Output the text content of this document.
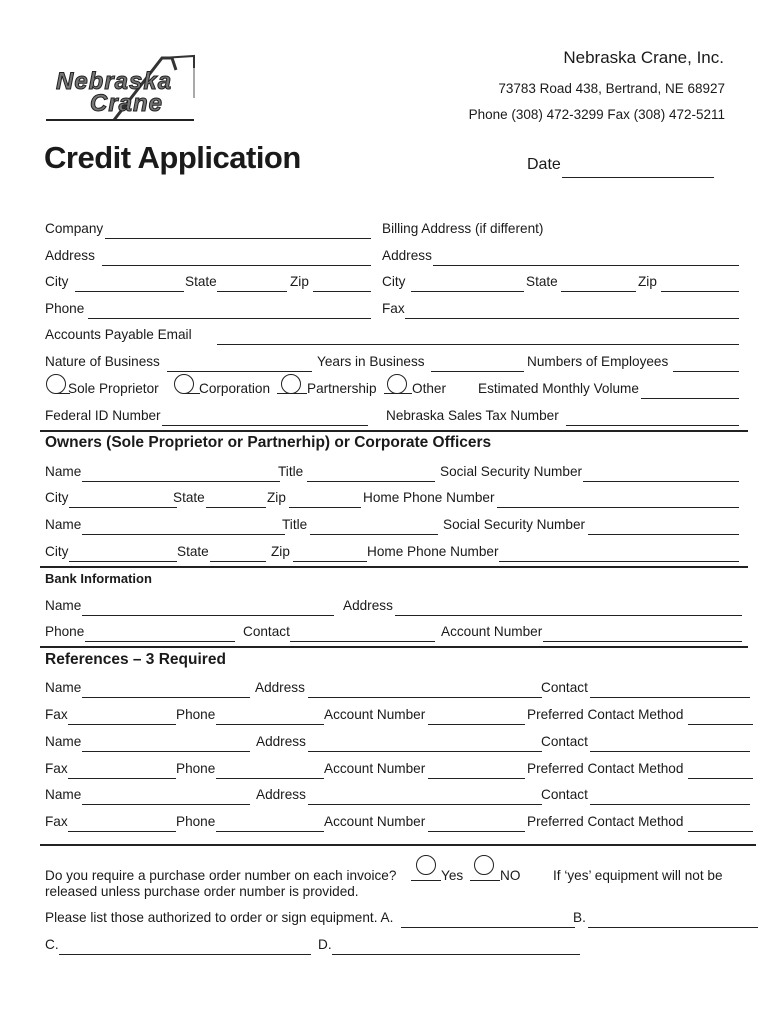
Nebraska
Crane
Nebraska Crane, Inc.
73783 Road 438, Bertrand, NE 68927
Phone (308) 472-3299 Fax (308) 472-5211
Credit Application	Date
Company	Billing Address (if different)
Address	Address
City	State	Zip	City	State	Zip
Phone	Fax
Accounts Payable Email
Nature of Business	Years in Business	Numbers of Employees
Sole Proprietor	Corporation	Partnership	Other Estimated Monthly Volume
Federal ID Number	Nebraska Sales Tax Number
Owners (Sole Proprietor or Partnerhip) or Corporate Officers
Name	Title	Social Security Number
City	State	Zip	Home Phone Number
Name	Title	Social Security Number
City	State	Zip	Home Phone Number
Bank Information
Name	Address
Phone	Contact	Account Number
References – 3 Required
Name	Address	Contact
Fax	Phone	Account Number	Preferred Contact Method
Name	Address	Contact
Fax	Phone	Account Number	Preferred Contact Method
Name	Address	Contact
Fax	Phone	Account Number	Preferred Contact Method
Do you require a purchase order number on each invoice?	Yes	NO If ‘yes’ equipment will not be
released unless purchase order number is provided.
Please list those authorized to order or sign equipment. A.	B.
C.	D.
